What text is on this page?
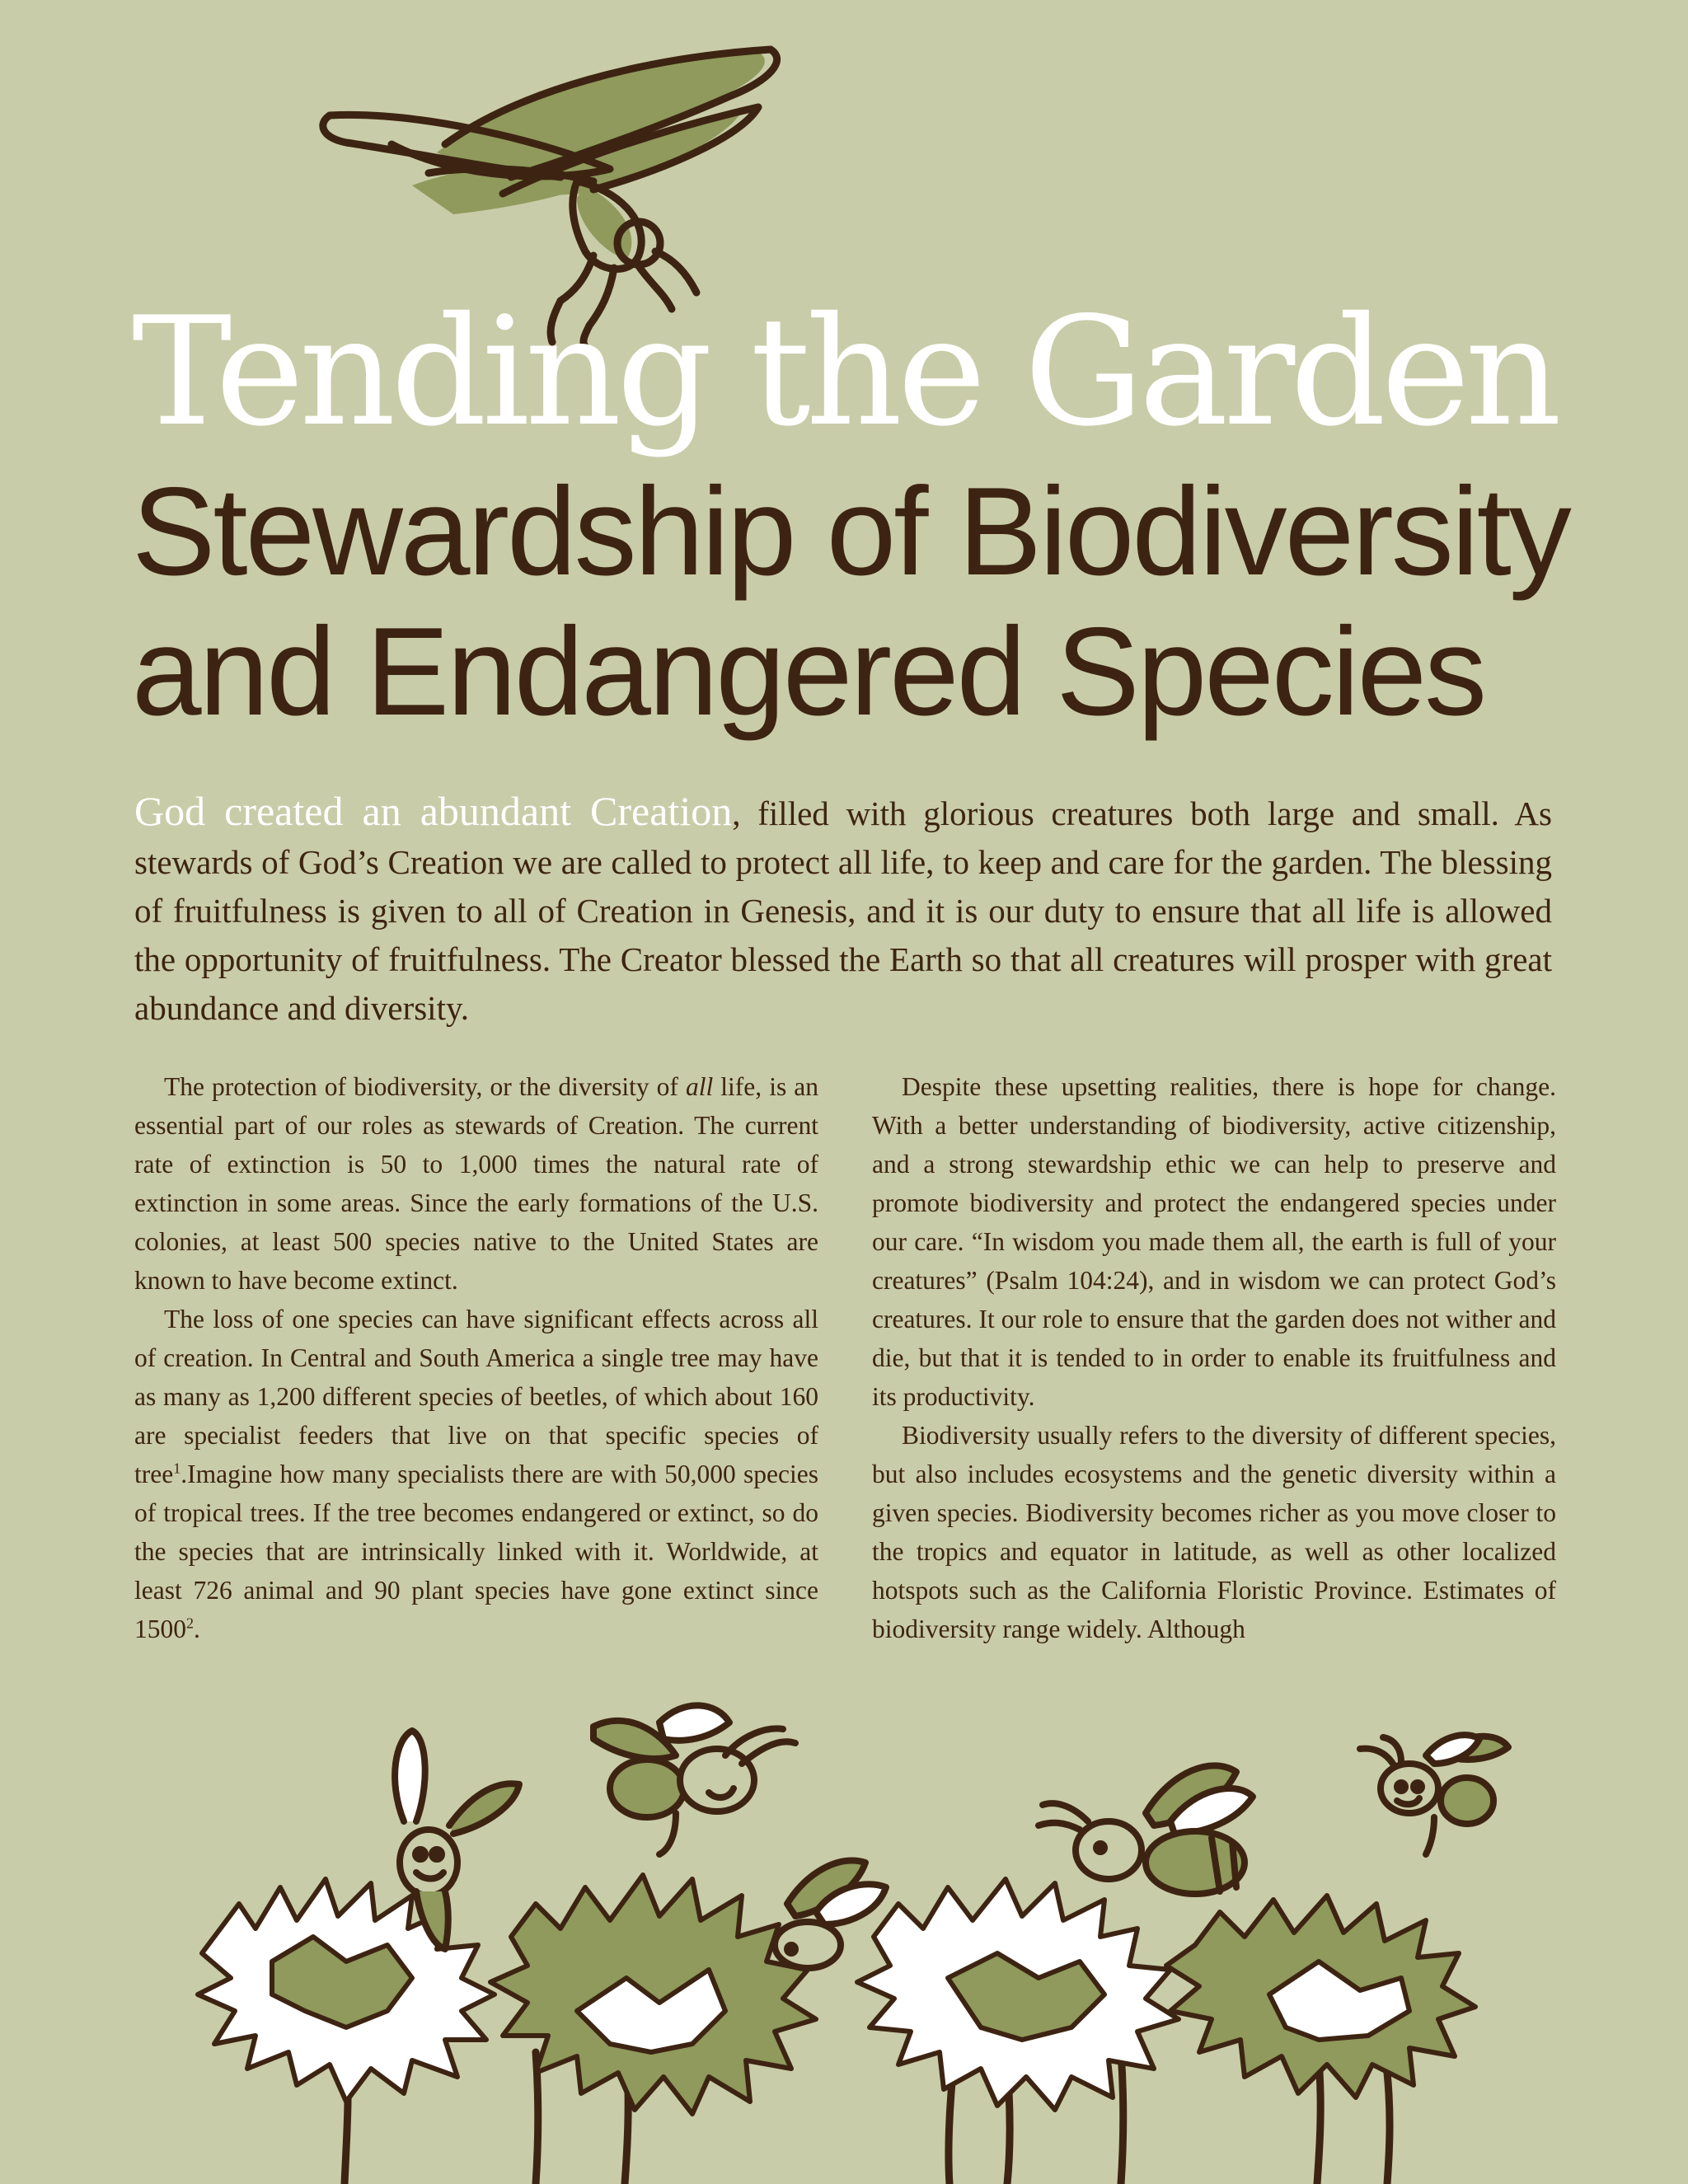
Tending the Garden
Stewardship of Biodiversity
and Endangered Species

God created an abundant Creation, filled with glorious creatures both large and small. As stewards of God’s Creation we are called to protect all life, to keep and care for the garden. The blessing of fruitfulness is given to all of Creation in Genesis, and it is our duty to ensure that all life is allowed the opportunity of fruitfulness. The Creator blessed the Earth so that all creatures will prosper with great abundance and diversity.

The protection of biodiversity, or the diversity of all life, is an essential part of our roles as stewards of Creation. The current rate of extinction is 50 to 1,000 times the natural rate of extinction in some areas. Since the early formations of the U.S. colonies, at least 500 species native to the United States are known to have become extinct.

The loss of one species can have significant effects across all of creation. In Central and South America a single tree may have as many as 1,200 different species of beetles, of which about 160 are specialist feeders that live on that specific species of tree$^1$.Imagine how many specialists there are with 50,000 species of tropical trees. If the tree becomes endangered or extinct, so do the species that are intrinsically linked with it. Worldwide, at least 726 animal and 90 plant species have gone extinct since 1500$^2$.

Despite these upsetting realities, there is hope for change. With a better understanding of biodiversity, active citizenship, and a strong stewardship ethic we can help to preserve and promote biodiversity and protect the endangered species under our care. “In wisdom you made them all, the earth is full of your creatures” (Psalm 104:24), and in wisdom we can protect God’s creatures. It our role to ensure that the garden does not wither and die, but that it is tended to in order to enable its fruitfulness and its productivity.

Biodiversity usually refers to the diversity of different species, but also includes ecosystems and the genetic diversity within a given species. Biodiversity becomes richer as you move closer to the tropics and equator in latitude, as well as other localized hotspots such as the California Floristic Province. Estimates of biodiversity range widely. Although
